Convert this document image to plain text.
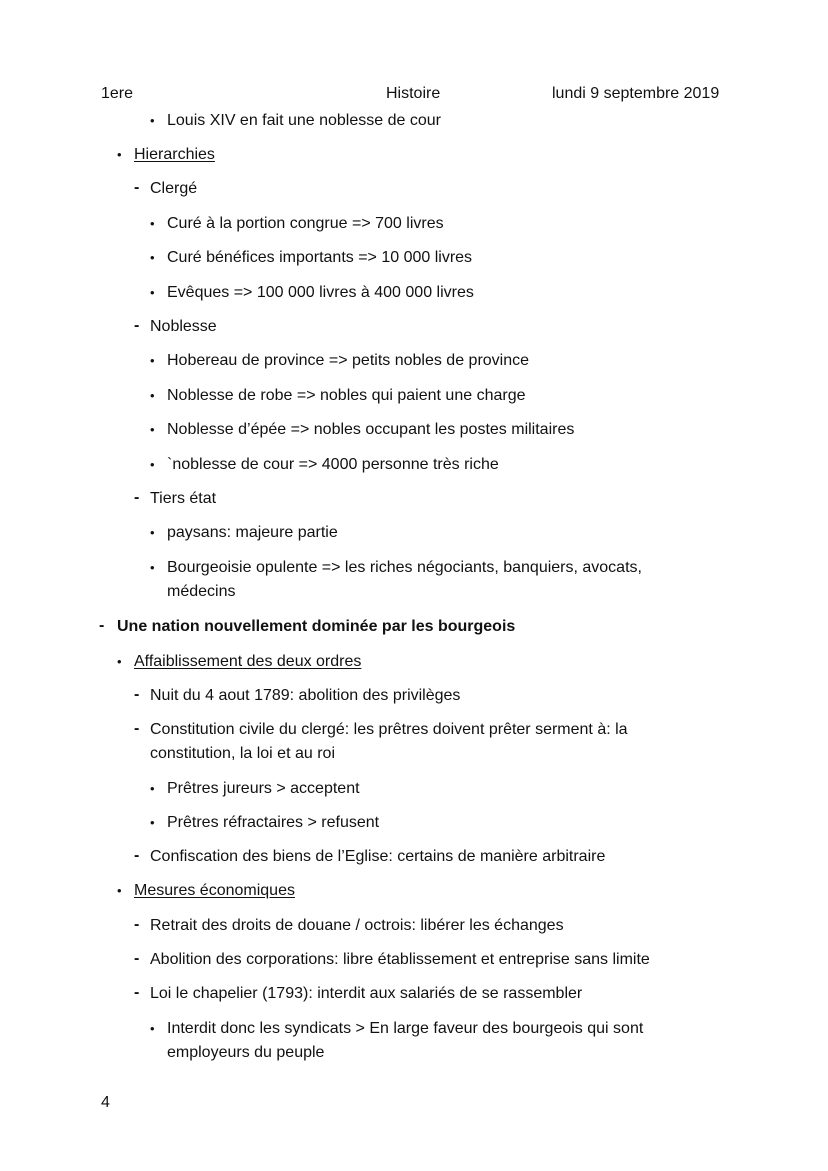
1ere	Histoire	lundi 9 septembre 2019
• Louis XIV en fait une noblesse de cour
• Hierarchies
- Clergé
• Curé à la portion congrue => 700 livres
• Curé bénéfices importants => 10 000 livres
• Evêques => 100 000 livres à 400 000 livres
- Noblesse
• Hobereau de province => petits nobles de province
• Noblesse de robe => nobles qui paient une charge
• Noblesse d’épée => nobles occupant les postes militaires
• `noblesse de cour => 4000 personne très riche
- Tiers état
• paysans: majeure partie
• Bourgeoisie opulente => les riches négociants, banquiers, avocats,
médecins
- Une nation nouvellement dominée par les bourgeois
• Affaiblissement des deux ordres
- Nuit du 4 aout 1789: abolition des privilèges
- Constitution civile du clergé: les prêtres doivent prêter serment à: la
constitution, la loi et au roi
• Prêtres jureurs > acceptent
• Prêtres réfractaires > refusent
- Confiscation des biens de l’Eglise: certains de manière arbitraire
• Mesures économiques
- Retrait des droits de douane / octrois: libérer les échanges
- Abolition des corporations: libre établissement et entreprise sans limite
- Loi le chapelier (1793): interdit aux salariés de se rassembler
• Interdit donc les syndicats > En large faveur des bourgeois qui sont
employeurs du peuple
4
